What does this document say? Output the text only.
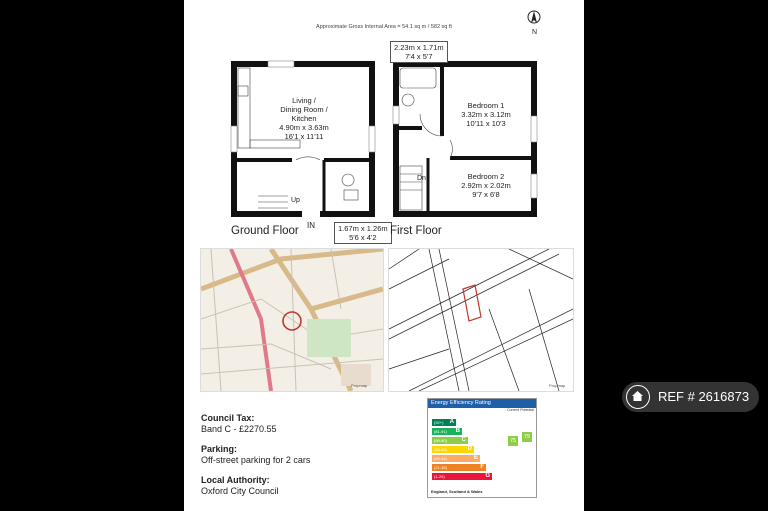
Approximate Gross Internal Area = 54.1 sq m / 582 sq ft
N
Living /
Dining Room /
Kitchen
4.90m x 3.63m
16'1 x 11'11
Up
IN	1.67m x 1.26m
5'6 x 4'2
Ground Floor
2.23m x 1.71m
7'4 x 5'7
Bedroom 1
3.32m x 3.12m
10'11 x 10'3
Bedroom 2
2.92m x 2.02m
9'7 x 6'8
Dn
First Floor
Propmap	Propmap
Council Tax:
Band C - £2270.55
Parking:
Off-street parking for 2 cars
Local Authority:
Oxford City Council
Energy Efficiency Rating
Current Potential
(92+) A
(81-91) B
(69-80) C
(55-68)	D
(39-54)	E
(21-38)	F
(1-20)	G
75
79
England, Scotland & Wales
REF # 2616873
